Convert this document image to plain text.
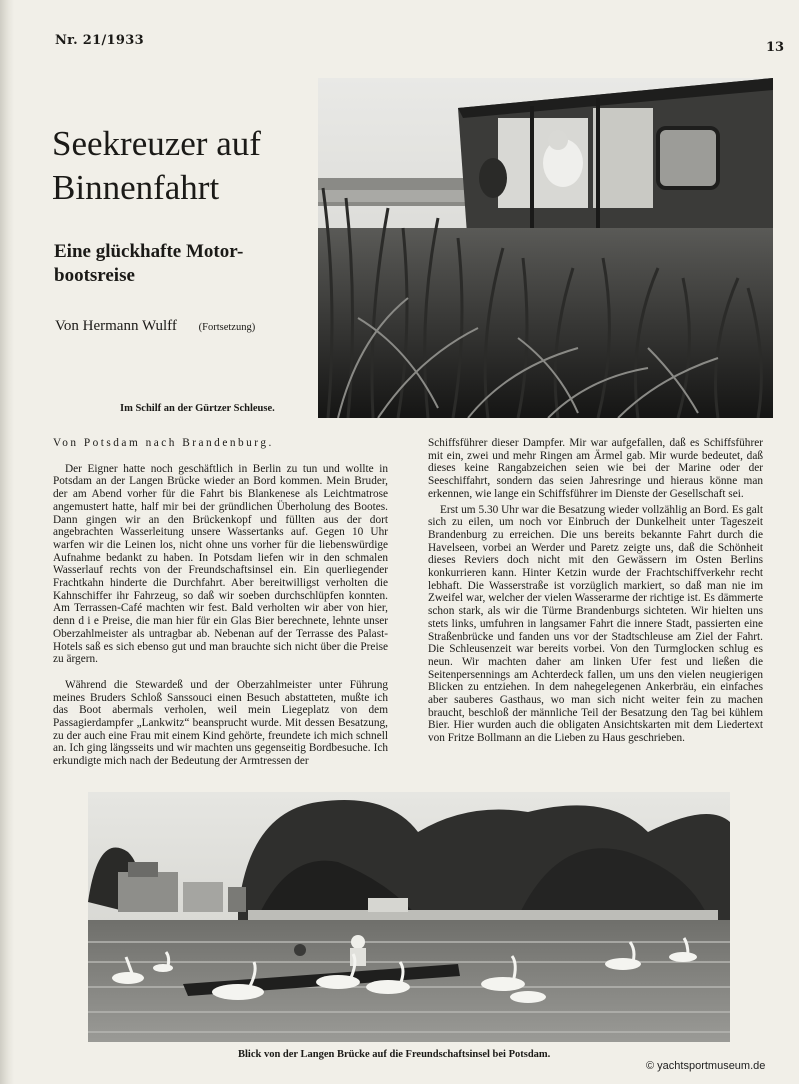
Nr. 21/1933	13
Seekreuzer auf
Binnenfahrt
Eine glückhafte Motor-
bootsreise
Von Hermann Wulff (Fortsetzung)
Im Schilf an der Gürtzer Schleuse.

Von Potsdam nach Brandenburg.

Der Eigner hatte noch geschäftlich in Berlin zu tun und wollte in Potsdam an der Langen Brücke wieder an Bord kommen. Mein Bruder, der am Abend vorher für die Fahrt bis Blankenese als Leichtmatrose angemustert hatte, half mir bei der gründlichen Überholung des Bootes. Dann gingen wir an den Brückenkopf und füllten aus der dort angebrachten Wasserleitung unsere Wassertanks auf. Gegen 10 Uhr warfen wir die Leinen los, nicht ohne uns vorher für die liebenswürdige Aufnahme bedankt zu haben. In Potsdam liefen wir in den schmalen Wasserlauf rechts von der Freundschaftsinsel ein. Ein querliegender Frachtkahn hinderte die Durchfahrt. Aber bereitwilligst verholten die Kahnschiffer ihr Fahrzeug, so daß wir soeben durchschlüpfen konnten. Am Terrassen-Café machten wir fest. Bald verholten wir aber von hier, denn d i e Preise, die man hier für ein Glas Bier berechnete, lehnte unser Oberzahlmeister als untragbar ab. Nebenan auf der Terrasse des Palast-Hotels saß es sich ebenso gut und man brauchte sich nicht über die Preise zu ärgern.

Während die Stewardeß und der Oberzahlmeister unter Führung meines Bruders Schloß Sanssouci einen Besuch abstatteten, mußte ich das Boot abermals verholen, weil mein Liegeplatz von dem Passagierdampfer „Lankwitz“ beansprucht wurde. Mit dessen Besatzung, zu der auch eine Frau mit einem Kind gehörte, freundete ich mich schnell an. Ich ging längsseits und wir machten uns gegenseitig Bordbesuche. Ich erkundigte mich nach der Bedeutung der Armtressen der

Schiffsführer dieser Dampfer. Mir war aufgefallen, daß es Schiffsführer mit ein, zwei und mehr Ringen am Ärmel gab. Mir wurde bedeutet, daß dieses keine Rangabzeichen seien wie bei der Marine oder der Seeschiffahrt, sondern das seien Jahresringe und hieraus könne man erkennen, wie lange ein Schiffsführer im Dienste der Gesellschaft sei.

Erst um 5.30 Uhr war die Besatzung wieder vollzählig an Bord. Es galt sich zu eilen, um noch vor Einbruch der Dunkelheit unter Tageszeit Brandenburg zu erreichen. Die uns bereits bekannte Fahrt durch die Havelseen, vorbei an Werder und Paretz zeigte uns, daß die Schönheit dieses Reviers doch nicht mit den Gewässern im Osten Berlins konkurrieren kann. Hinter Ketzin wurde der Frachtschiffverkehr recht lebhaft. Die Wasserstraße ist vorzüglich markiert, so daß man nie im Zweifel war, welcher der vielen Wasserarme der richtige ist. Es dämmerte schon stark, als wir die Türme Brandenburgs sichteten. Wir hielten uns stets links, umfuhren in langsamer Fahrt die innere Stadt, passierten eine Straßenbrücke und fanden uns vor der Stadtschleuse am Ziel der Fahrt. Die Schleusenzeit war bereits vorbei. Von den Turmglocken schlug es neun. Wir machten daher am linken Ufer fest und ließen die Seitenpersennings am Achterdeck fallen, um uns den vielen neugierigen Blicken zu entziehen. In dem nahegelegenen Ankerbräu, ein einfaches aber sauberes Gasthaus, wo man sich nicht weiter fein zu machen braucht, beschloß der männliche Teil der Besatzung den Tag bei kühlem Bier. Hier wurden auch die obligaten Ansichtskarten mit dem Liedertext von Fritze Bollmann an die Lieben zu Haus geschrieben.

Blick von der Langen Brücke auf die Freundschaftsinsel bei Potsdam.
© yachtsportmuseum.de
